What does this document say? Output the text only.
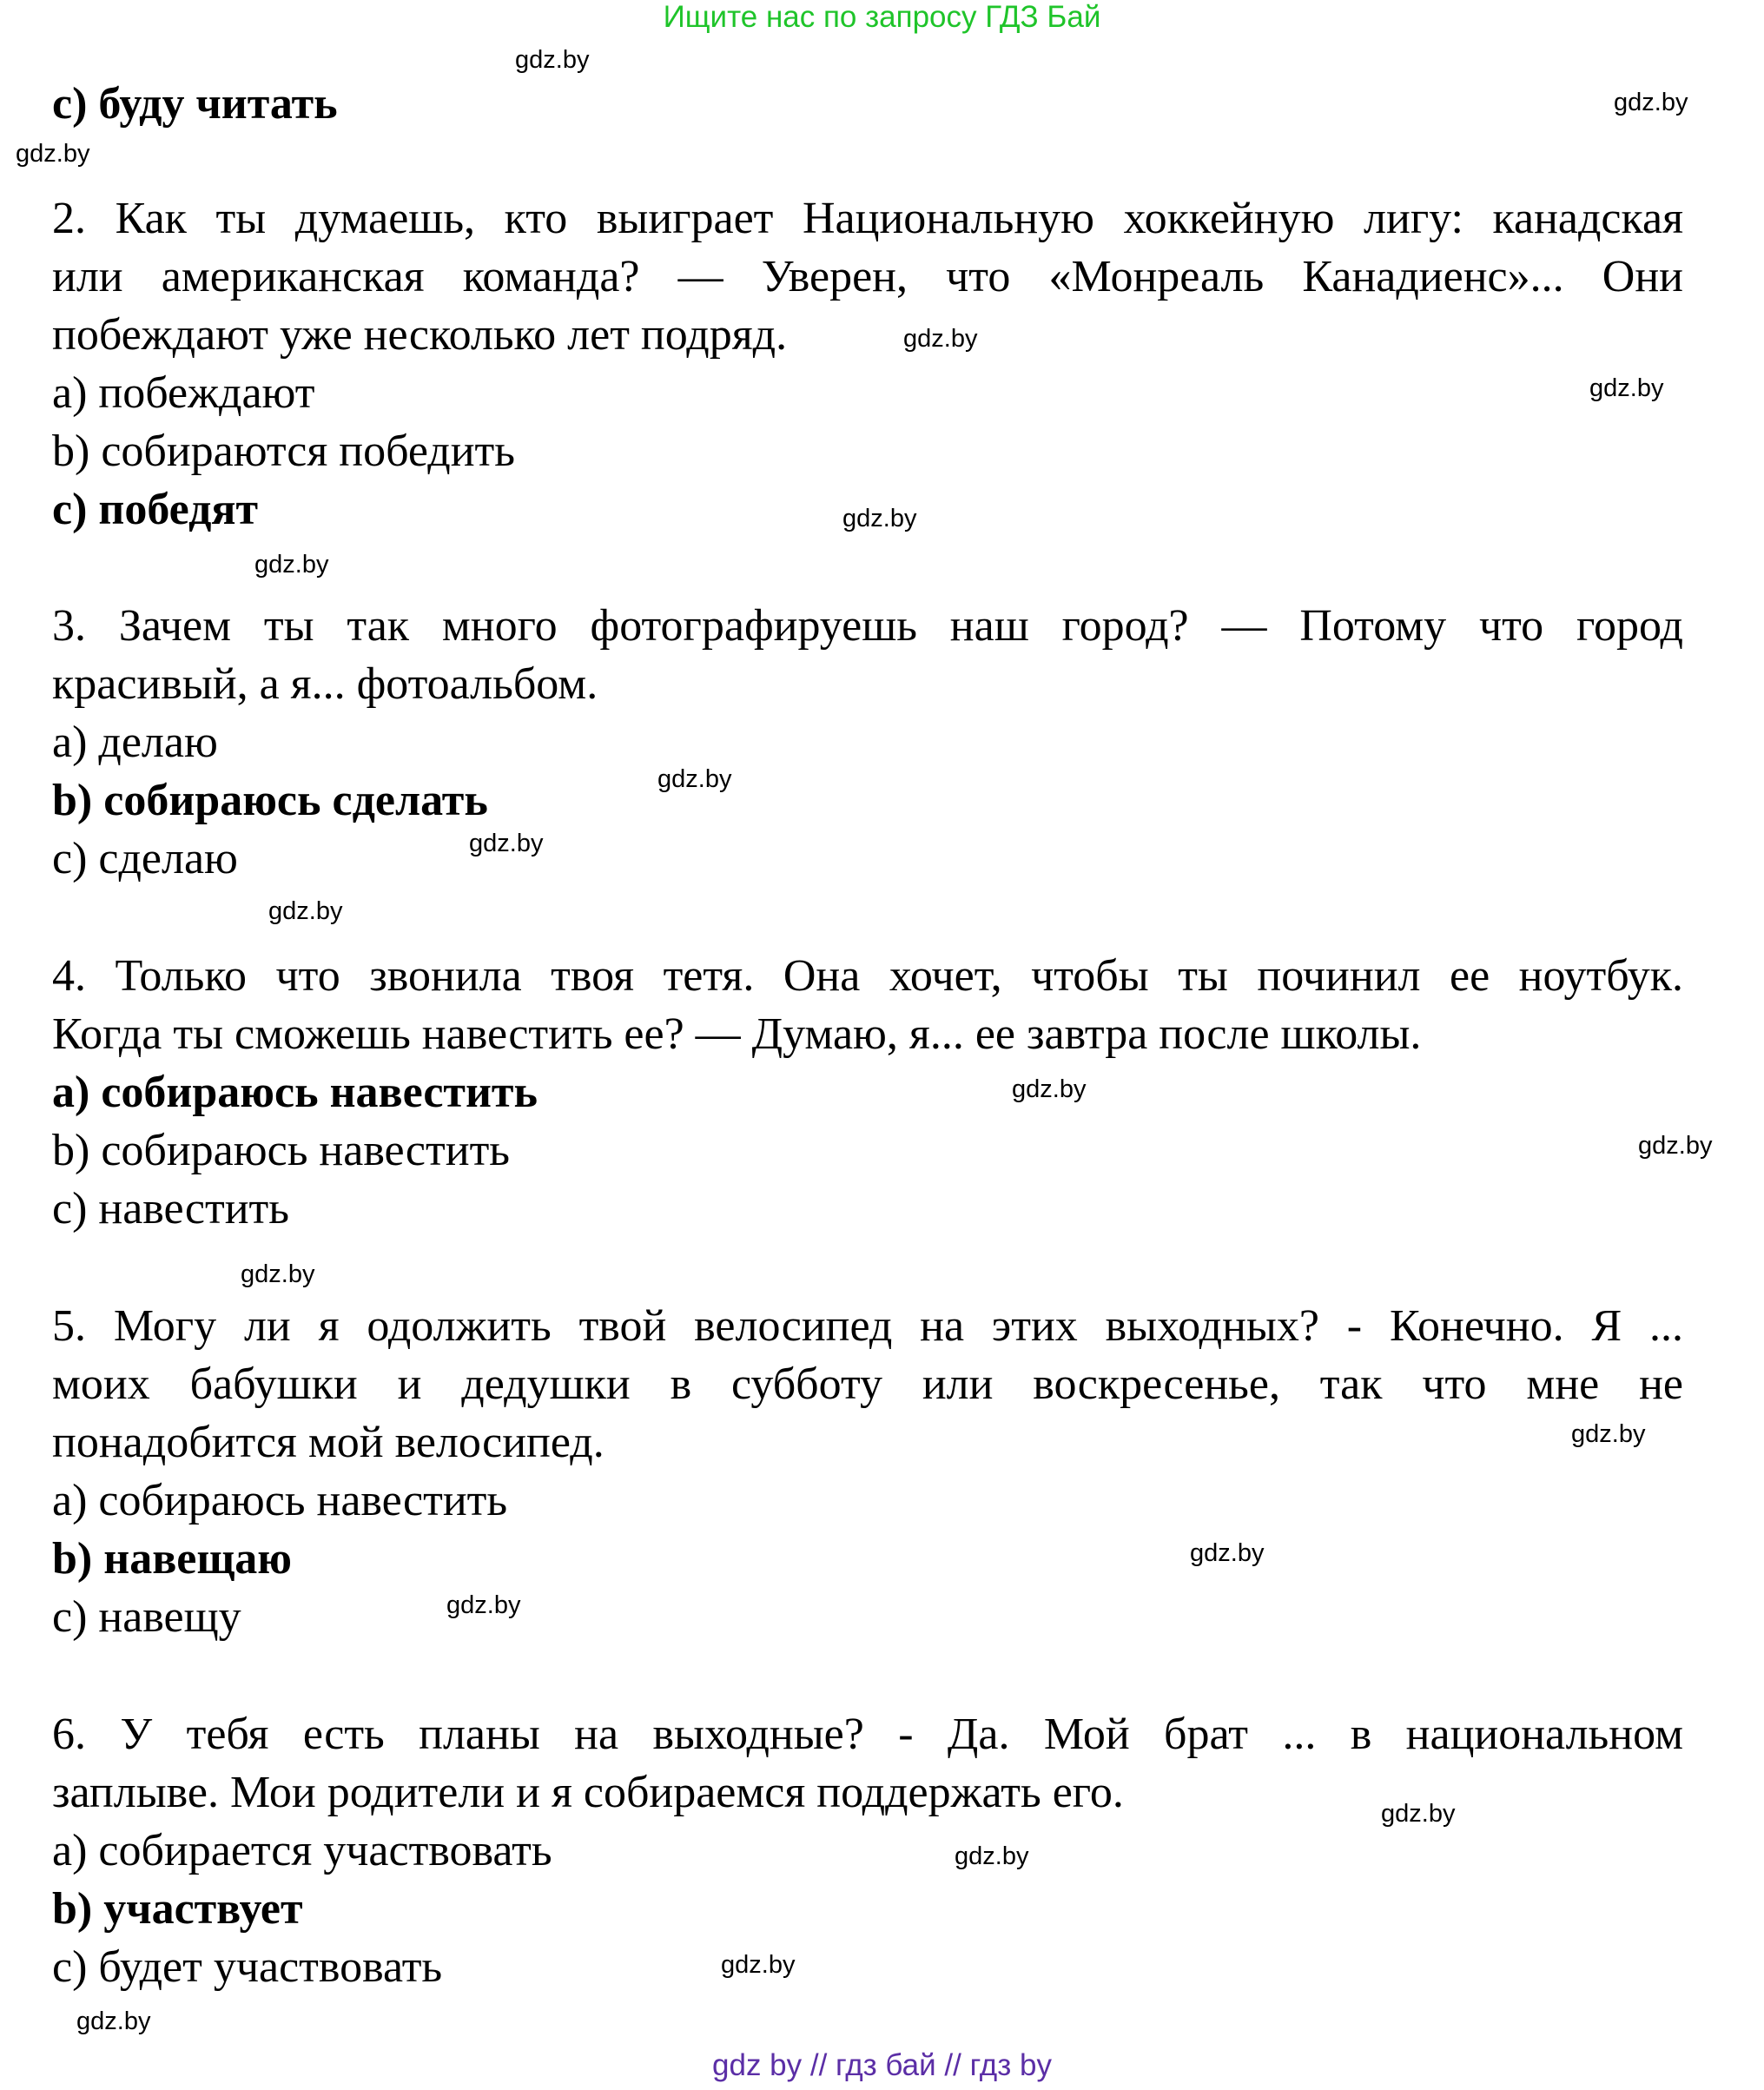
Ищите нас по запросу ГДЗ Бай
c) буду читать
2. Как ты думаешь, кто выиграет Национальную хоккейную лигу: канадская
или американская команда? — Уверен, что «Монреаль Канадиенс»... Они
побеждают уже несколько лет подряд.
a) побеждают
b) собираются победить
c) победят
3. Зачем ты так много фотографируешь наш город? — Потому что город
красивый, а я... фотоальбом.
a) делаю
b) собираюсь сделать
c) сделаю
4. Только что звонила твоя тетя. Она хочет, чтобы ты починил ее ноутбук.
Когда ты сможешь навестить ее? — Думаю, я... ее завтра после школы.
a) собираюсь навестить
b) собираюсь навестить
c) навестить
5. Могу ли я одолжить твой велосипед на этих выходных? - Конечно. Я ...
моих бабушки и дедушки в субботу или воскресенье, так что мне не
понадобится мой велосипед.
a) собираюсь навестить
b) навещаю
c) навещу
6. У тебя есть планы на выходные? - Да. Мой брат ... в национальном
заплыве. Мои родители и я собираемся поддержать его.
a) собирается участвовать
b) участвует
c) будет участвовать
gdz.by
gdz.by
gdz.by
gdz.by
gdz.by
gdz.by
gdz.by
gdz.by
gdz.by
gdz.by
gdz.by
gdz.by
gdz.by
gdz.by
gdz.by
gdz.by
gdz.by
gdz.by
gdz.by
gdz.by
gdz by // гдз бай // гдз by
